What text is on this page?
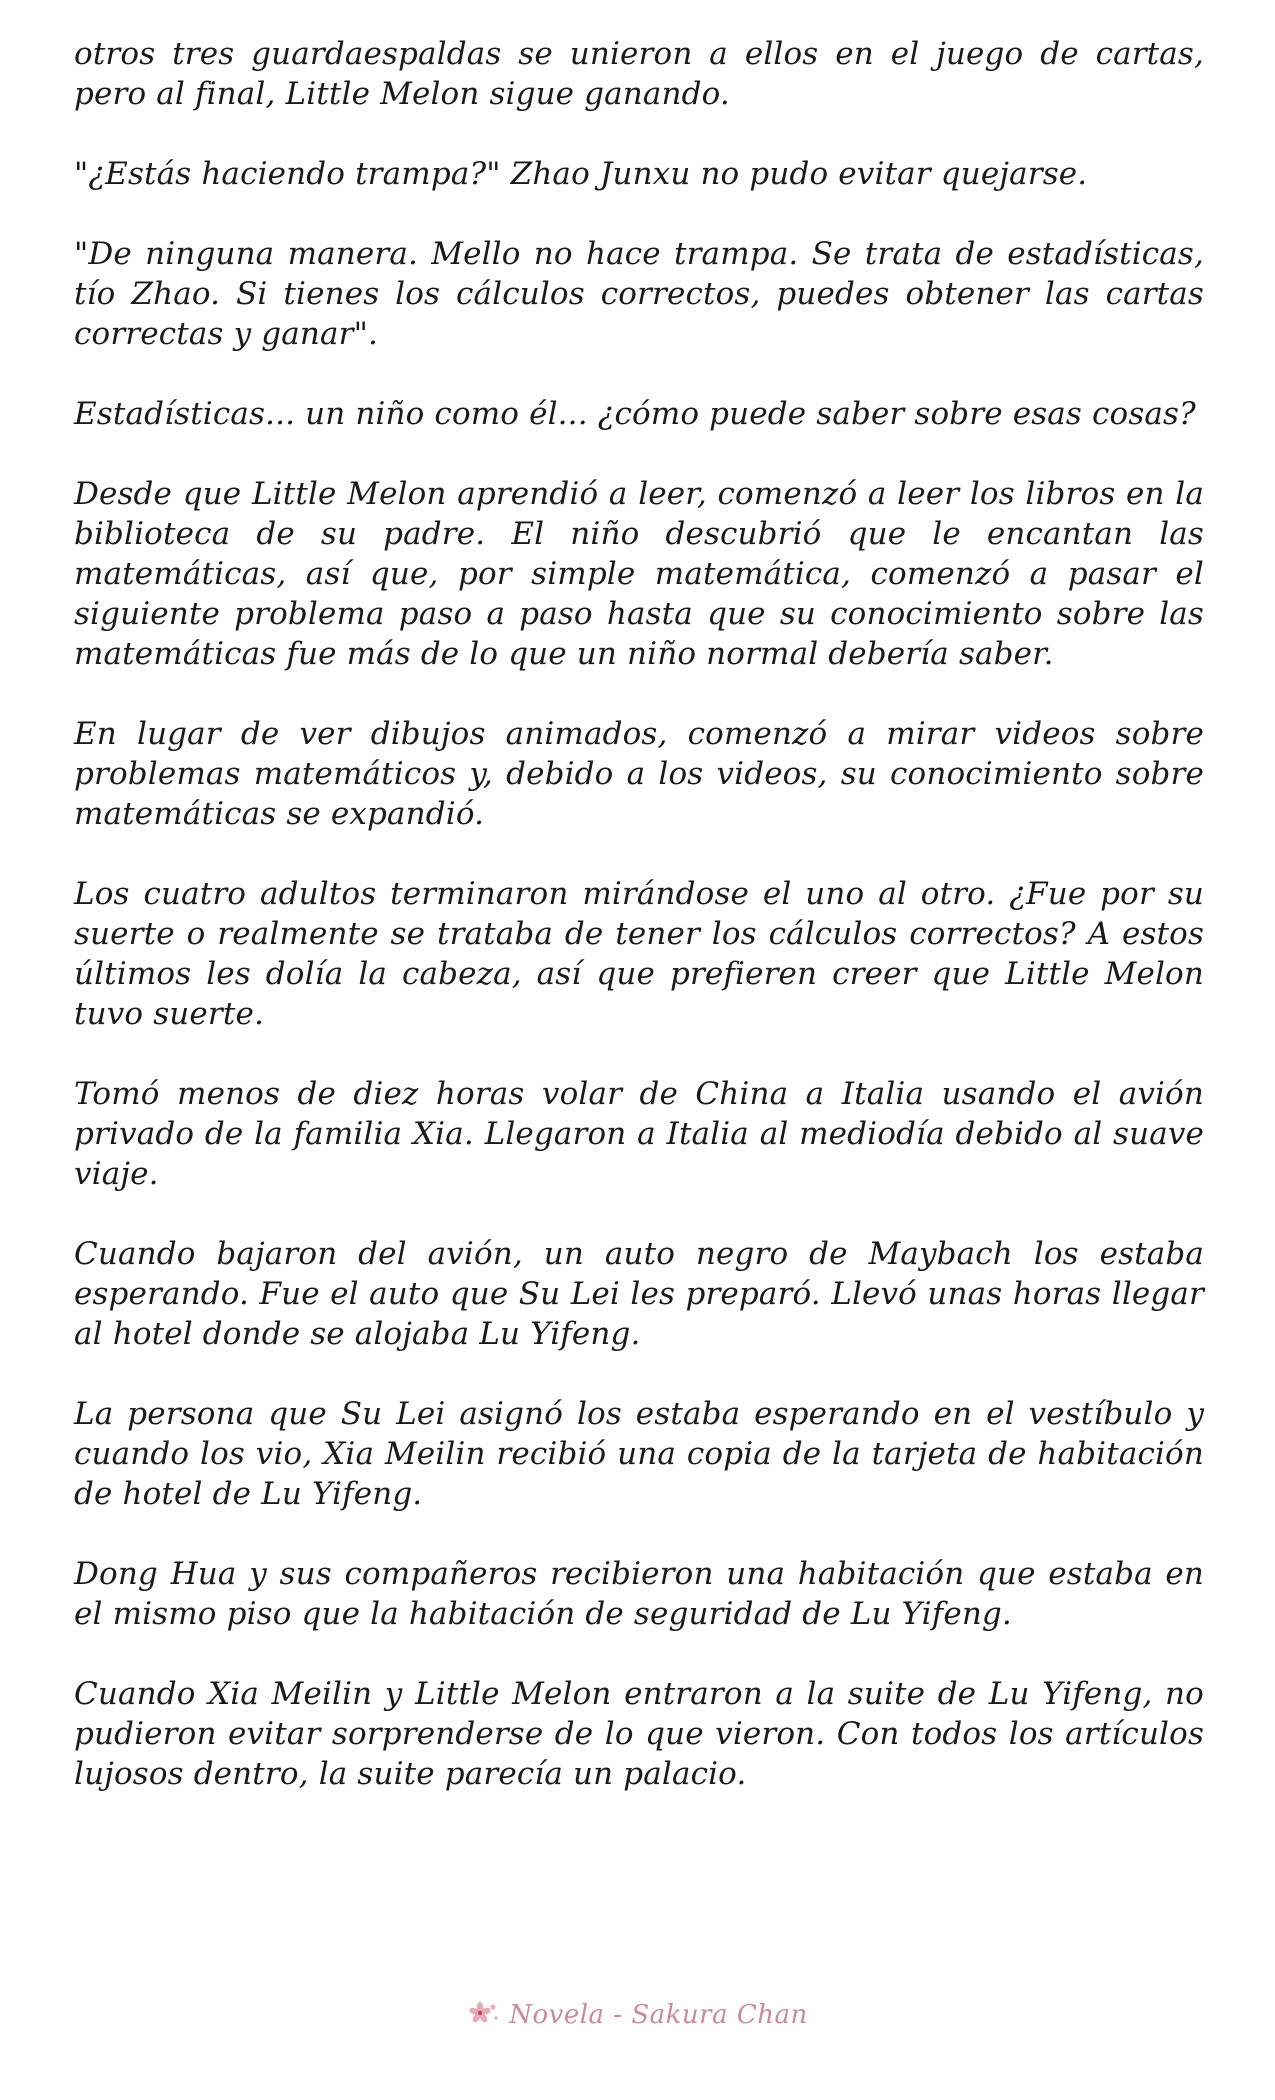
otros tres guardaespaldas se unieron a ellos en el juego de cartas, pero al final, Little Melon sigue ganando.

"¿Estás haciendo trampa?" Zhao Junxu no pudo evitar quejarse.

"De ninguna manera. Mello no hace trampa. Se trata de estadísticas, tío Zhao. Si tienes los cálculos correctos, puedes obtener las cartas correctas y ganar".

Estadísticas... un niño como él... ¿cómo puede saber sobre esas cosas?

Desde que Little Melon aprendió a leer, comenzó a leer los libros en la biblioteca de su padre. El niño descubrió que le encantan las matemáticas, así que, por simple matemática, comenzó a pasar el siguiente problema paso a paso hasta que su conocimiento sobre las matemáticas fue más de lo que un niño normal debería saber.

En lugar de ver dibujos animados, comenzó a mirar videos sobre problemas matemáticos y, debido a los videos, su conocimiento sobre matemáticas se expandió.

Los cuatro adultos terminaron mirándose el uno al otro. ¿Fue por su suerte o realmente se trataba de tener los cálculos correctos? A estos últimos les dolía la cabeza, así que prefieren creer que Little Melon tuvo suerte.

Tomó menos de diez horas volar de China a Italia usando el avión privado de la familia Xia. Llegaron a Italia al mediodía debido al suave viaje.

Cuando bajaron del avión, un auto negro de Maybach los estaba esperando. Fue el auto que Su Lei les preparó. Llevó unas horas llegar al hotel donde se alojaba Lu Yifeng.

La persona que Su Lei asignó los estaba esperando en el vestíbulo y cuando los vio, Xia Meilin recibió una copia de la tarjeta de habitación de hotel de Lu Yifeng.

Dong Hua y sus compañeros recibieron una habitación que estaba en el mismo piso que la habitación de seguridad de Lu Yifeng.

Cuando Xia Meilin y Little Melon entraron a la suite de Lu Yifeng, no pudieron evitar sorprenderse de lo que vieron. Con todos los artículos lujosos dentro, la suite parecía un palacio.

Novela - Sakura Chan
